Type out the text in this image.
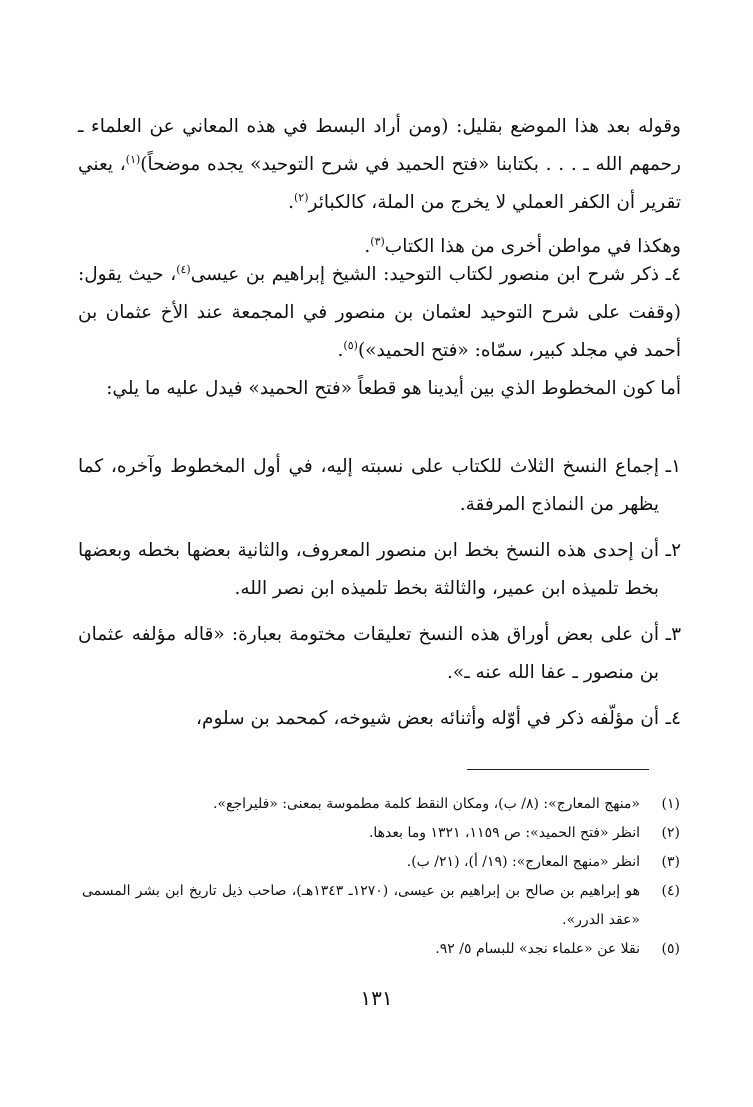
وقوله بعد هذا الموضع بقليل: (ومن أراد البسط في هذه المعاني عن العلماء ـ رحمهم الله ـ . . . بكتابنا «فتح الحميد في شرح التوحيد» يجده موضحاً)$^{(١)}$، يعني تقرير أن الكفر العملي لا يخرج من الملة، كالكبائر$^{(٢)}$.
وهكذا في مواطن أخرى من هذا الكتاب$^{(٣)}$.
٤ـ ذكر شرح ابن منصور لكتاب التوحيد: الشيخ إبراهيم بن عيسى$^{(٤)}$، حيث يقول: (وقفت على شرح التوحيد لعثمان بن منصور في المجمعة عند الأخ عثمان بن أحمد في مجلد كبير، سمّاه: «فتح الحميد»)$^{(٥)}$.
أما كون المخطوط الذي بين أيدينا هو قطعاً «فتح الحميد» فيدل عليه ما يلي:
١ـ
إجماع النسخ الثلاث للكتاب على نسبته إليه، في أول المخطوط وآخره، كما يظهر من النماذج المرفقة.
٢ـ
أن إحدى هذه النسخ بخط ابن منصور المعروف، والثانية بعضها بخطه وبعضها بخط تلميذه ابن عمير، والثالثة بخط تلميذه ابن نصر الله.
٣ـ
أن على بعض أوراق هذه النسخ تعليقات مختومة بعبارة: «قاله مؤلفه عثمان بن منصور ـ عفا الله عنه ـ».
٤ـ
أن مؤلّفه ذكر في أوّله وأثنائه بعض شيوخه، كمحمد بن سلوم،
(١)
«منهج المعارج»: (٨/ ب)، ومكان النقط كلمة مطموسة بمعنى: «فليراجع».
(٢)
انظر «فتح الحميد»: ص ١١٥٩، ١٣٢١ وما بعدها.
(٣)
انظر «منهج المعارج»: (١٩/ أ)، (٢١/ ب).
(٤)
هو إبراهيم بن صالح بن إبراهيم بن عيسى، (١٢٧٠ـ ١٣٤٣هـ)، صاحب ذيل تاريخ ابن بشر المسمى «عقد الدرر».
(٥)
نقلا عن «علماء نجد» للبسام ٥/ ٩٢.
١٣١
